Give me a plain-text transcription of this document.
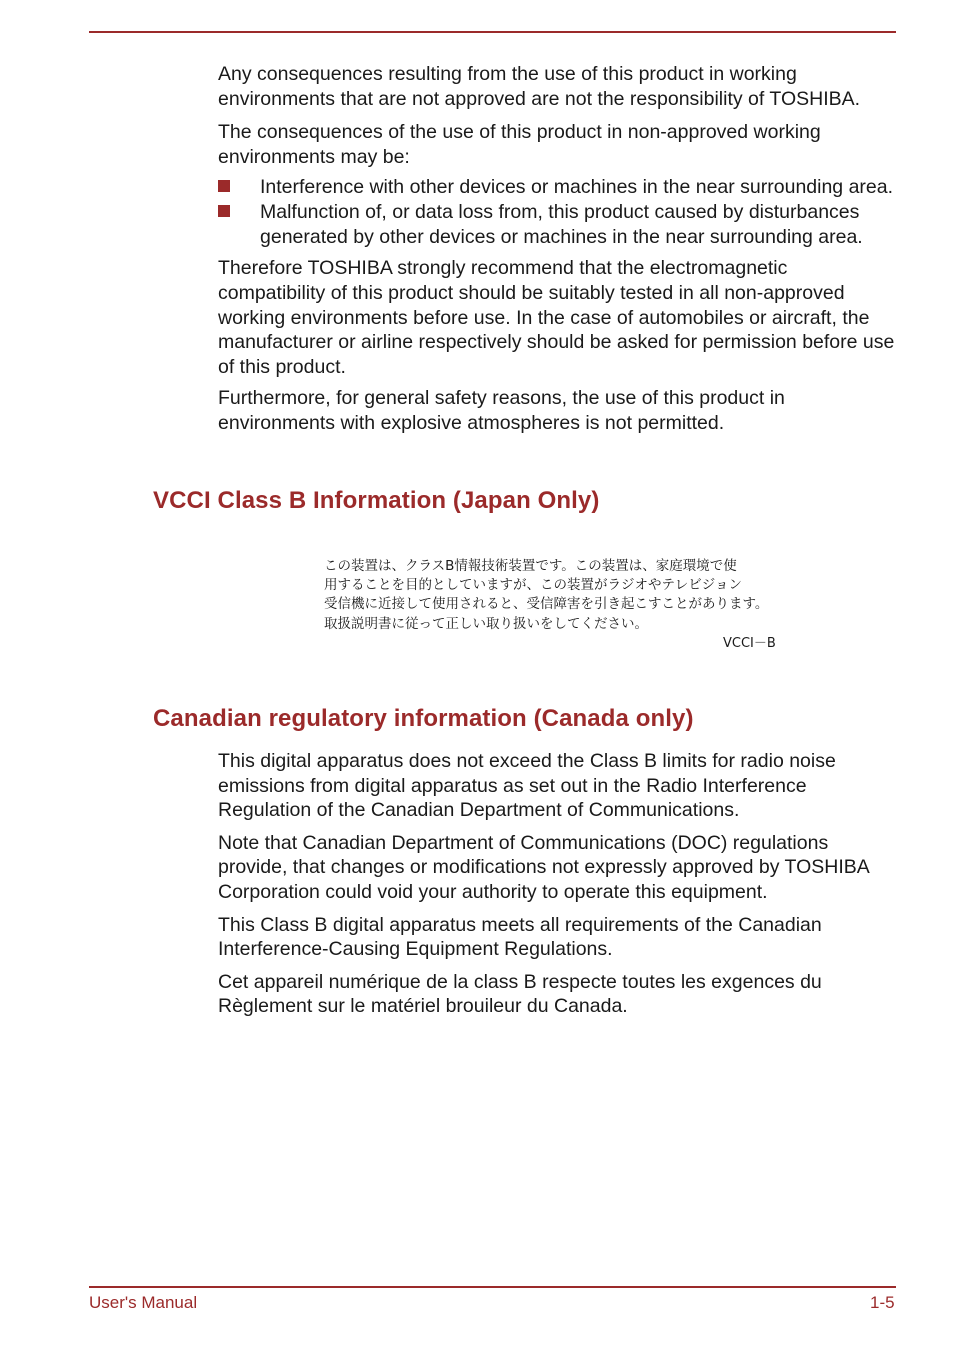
Any consequences resulting from the use of this product in working environments that are not approved are not the responsibility of TOSHIBA.

The consequences of the use of this product in non-approved working environments may be:

Interference with other devices or machines in the near surrounding area.
Malfunction of, or data loss from, this product caused by disturbances generated by other devices or machines in the near surrounding area.

Therefore TOSHIBA strongly recommend that the electromagnetic compatibility of this product should be suitably tested in all non-approved working environments before use. In the case of automobiles or aircraft, the manufacturer or airline respectively should be asked for permission before use of this product.

Furthermore, for general safety reasons, the use of this product in environments with explosive atmospheres is not permitted.

VCCI Class B Information (Japan Only)
この装置は、クラスB情報技術装置です。この装置は、家庭環境で使
用することを目的としていますが、この装置がラジオやテレビジョン
受信機に近接して使用されると、受信障害を引き起こすことがあります。
取扱説明書に従って正しい取り扱いをしてください。
VCCI－B
Canadian regulatory information (Canada only)

This digital apparatus does not exceed the Class B limits for radio noise emissions from digital apparatus as set out in the Radio Interference Regulation of the Canadian Department of Communications.

Note that Canadian Department of Communications (DOC) regulations provide, that changes or modifications not expressly approved by TOSHIBA Corporation could void your authority to operate this equipment.

This Class B digital apparatus meets all requirements of the Canadian Interference-Causing Equipment Regulations.

Cet appareil numérique de la class B respecte toutes les exgences du Règlement sur le matériel brouileur du Canada.

User's Manual	1-5
